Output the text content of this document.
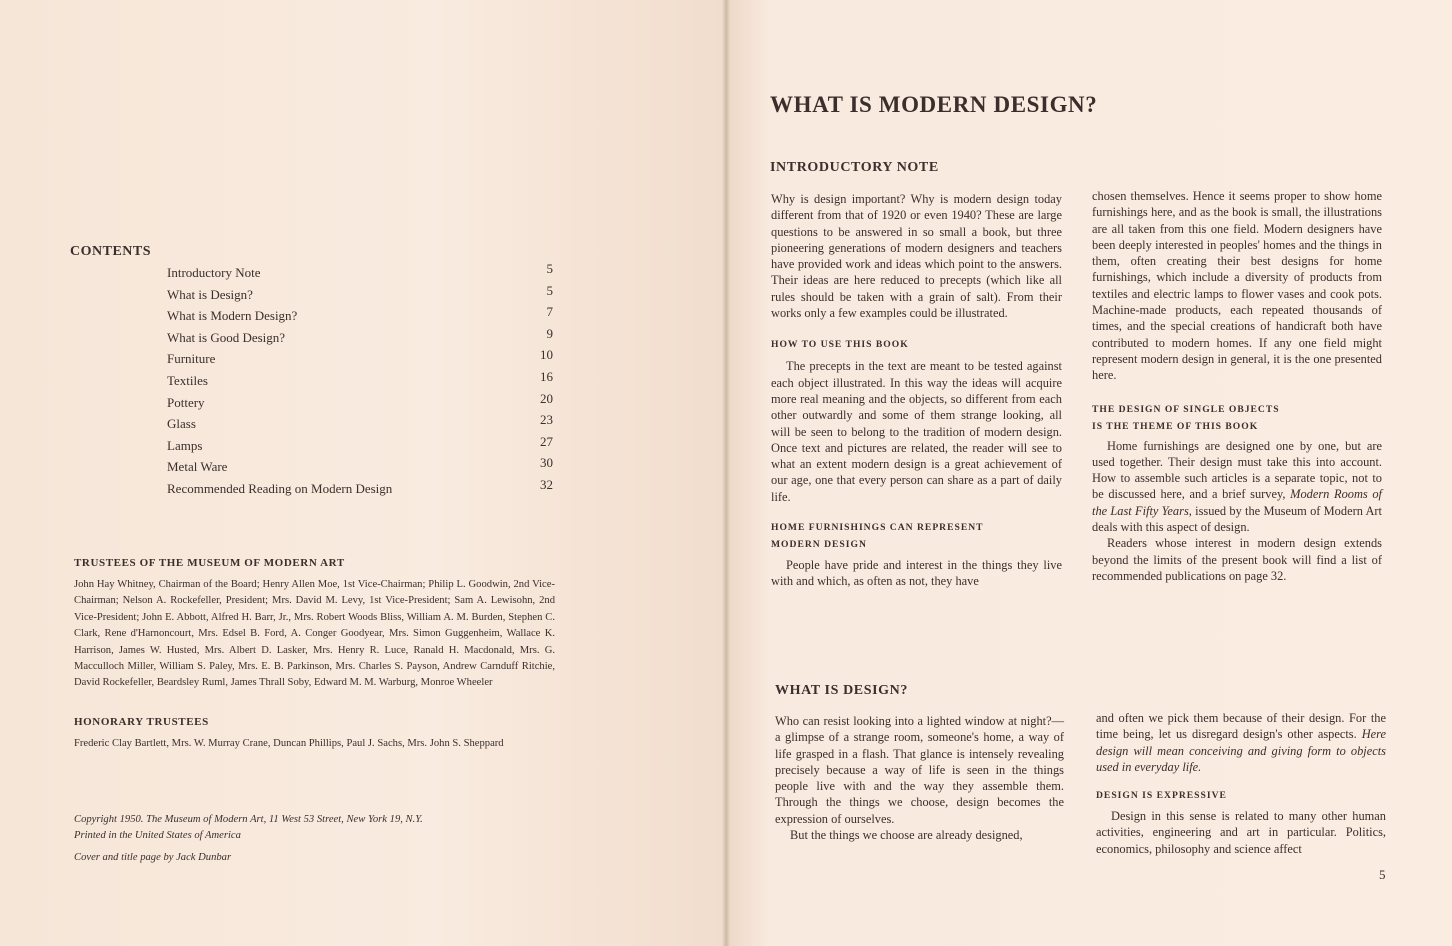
CONTENTS
Introductory Note	5
What is Design?	5
What is Modern Design?	7
What is Good Design?	9
Furniture	10
Textiles	16
Pottery	20
Glass	23
Lamps	27
Metal Ware	30
Recommended Reading on Modern Design	32
TRUSTEES OF THE MUSEUM OF MODERN ART
John Hay Whitney, Chairman of the Board; Henry Allen Moe, 1st Vice-Chairman; Philip L. Goodwin, 2nd Vice-Chairman; Nelson A. Rockefeller, President; Mrs. David M. Levy, 1st Vice-President; Sam A. Lewisohn, 2nd Vice-President; John E. Abbott, Alfred H. Barr, Jr., Mrs. Robert Woods Bliss, William A. M. Burden, Stephen C. Clark, Rene d'Harnoncourt, Mrs. Edsel B. Ford, A. Conger Goodyear, Mrs. Simon Guggenheim, Wallace K. Harrison, James W. Husted, Mrs. Albert D. Lasker, Mrs. Henry R. Luce, Ranald H. Macdonald, Mrs. G. Macculloch Miller, William S. Paley, Mrs. E. B. Parkinson, Mrs. Charles S. Payson, Andrew Carnduff Ritchie, David Rockefeller, Beardsley Ruml, James Thrall Soby, Edward M. M. Warburg, Monroe Wheeler
HONORARY TRUSTEES
Frederic Clay Bartlett, Mrs. W. Murray Crane, Duncan Phillips, Paul J. Sachs, Mrs. John S. Sheppard
Copyright 1950. The Museum of Modern Art, 11 West 53 Street, New York 19, N.Y.
Printed in the United States of America
Cover and title page by Jack Dunbar
WHAT IS MODERN DESIGN?
INTRODUCTORY NOTE

Why is design important? Why is modern design today different from that of 1920 or even 1940? These are large questions to be answered in so small a book, but three pioneering generations of modern designers and teachers have provided work and ideas which point to the answers. Their ideas are here reduced to precepts (which like all rules should be taken with a grain of salt). From their works only a few examples could be illustrated.

HOW TO USE THIS BOOK

The precepts in the text are meant to be tested against each object illustrated. In this way the ideas will acquire more real meaning and the objects, so different from each other outwardly and some of them strange looking, all will be seen to belong to the tradition of modern design. Once text and pictures are related, the reader will see to what an extent modern design is a great achievement of our age, one that every person can share as a part of daily life.

HOME FURNISHINGS CAN REPRESENT
MODERN DESIGN

People have pride and interest in the things they live with and which, as often as not, they have

chosen themselves. Hence it seems proper to show home furnishings here, and as the book is small, the illustrations are all taken from this one field. Modern designers have been deeply interested in peoples' homes and the things in them, often creating their best designs for home furnishings, which include a diversity of products from textiles and electric lamps to flower vases and cook pots. Machine-made products, each repeated thousands of times, and the special creations of handicraft both have contributed to modern homes. If any one field might represent modern design in general, it is the one presented here.

THE DESIGN OF SINGLE OBJECTS
IS THE THEME OF THIS BOOK

Home furnishings are designed one by one, but are used together. Their design must take this into account. How to assemble such articles is a separate topic, not to be discussed here, and a brief survey, Modern Rooms of the Last Fifty Years, issued by the Museum of Modern Art deals with this aspect of design.

Readers whose interest in modern design extends beyond the limits of the present book will find a list of recommended publications on page 32.

WHAT IS DESIGN?

Who can resist looking into a lighted window at night?—a glimpse of a strange room, someone's home, a way of life grasped in a flash. That glance is intensely revealing precisely because a way of life is seen in the things people live with and the way they assemble them. Through the things we choose, design becomes the expression of ourselves.

But the things we choose are already designed,

and often we pick them because of their design. For the time being, let us disregard design's other aspects. Here design will mean conceiving and giving form to objects used in everyday life.

DESIGN IS EXPRESSIVE

Design in this sense is related to many other human activities, engineering and art in particular. Politics, economics, philosophy and science affect

5
